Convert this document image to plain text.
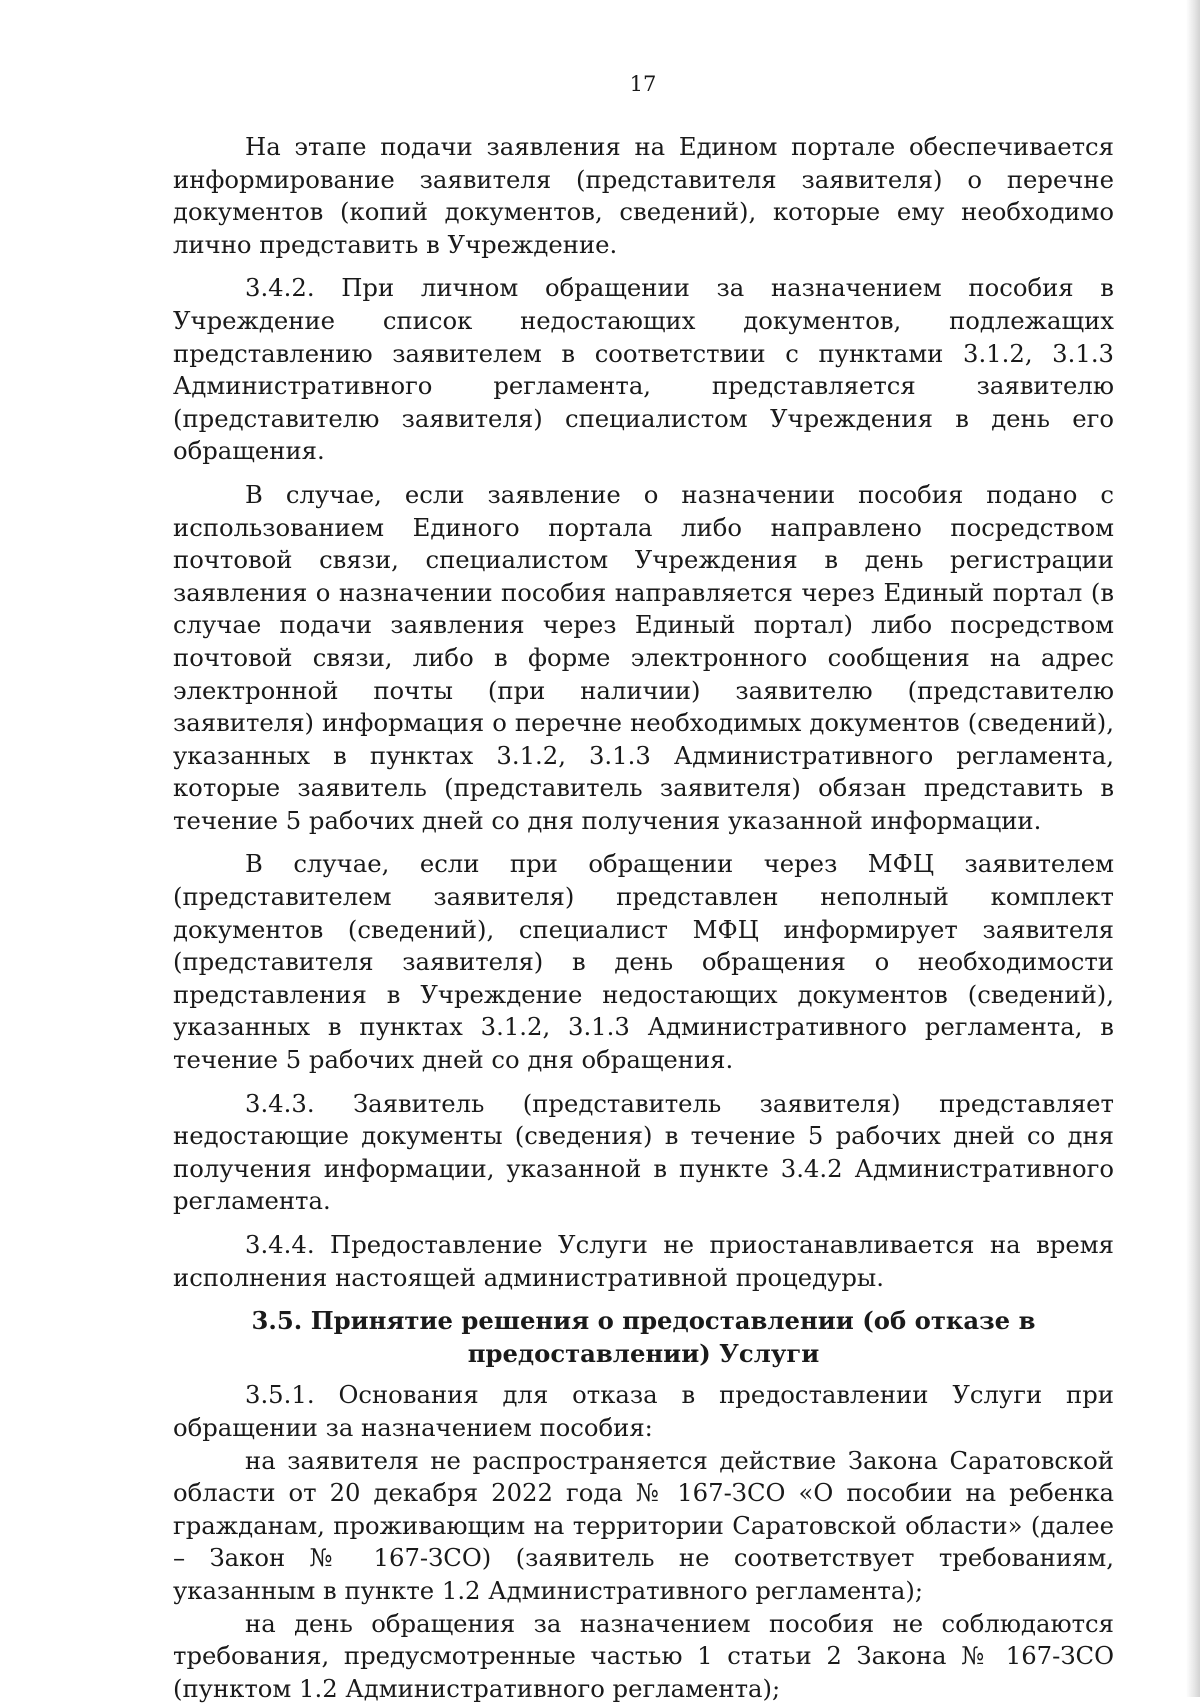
17

На этапе подачи заявления на Едином портале обеспечивается информирование заявителя (представителя заявителя) о перечне документов (копий документов, сведений), которые ему необходимо лично представить в Учреждение.

3.4.2. При личном обращении за назначением пособия в Учреждение список недостающих документов, подлежащих представлению заявителем в соответствии с пунктами 3.1.2, 3.1.3 Административного регламента, представляется заявителю (представителю заявителя) специалистом Учреждения в день его обращения.

В случае, если заявление о назначении пособия подано с использованием Единого портала либо направлено посредством почтовой связи, специалистом Учреждения в день регистрации заявления о назначении пособия направляется через Единый портал (в случае подачи заявления через Единый портал) либо посредством почтовой связи, либо в форме электронного сообщения на адрес электронной почты (при наличии) заявителю (представителю заявителя) информация о перечне необходимых документов (сведений), указанных в пунктах 3.1.2, 3.1.3 Административного регламента, которые заявитель (представитель заявителя) обязан представить в течение 5 рабочих дней со дня получения указанной информации.

В случае, если при обращении через МФЦ заявителем (представителем заявителя) представлен неполный комплект документов (сведений), специалист МФЦ информирует заявителя (представителя заявителя) в день обращения о необходимости представления в Учреждение недостающих документов (сведений), указанных в пунктах 3.1.2, 3.1.3 Административного регламента, в течение 5 рабочих дней со дня обращения.

3.4.3. Заявитель (представитель заявителя) представляет недостающие документы (сведения) в течение 5 рабочих дней со дня получения информации, указанной в пункте 3.4.2 Административного регламента.

3.4.4. Предоставление Услуги не приостанавливается на время исполнения настоящей административной процедуры.

3.5. Принятие решения о предоставлении (об отказе в предоставлении) Услуги

3.5.1. Основания для отказа в предоставлении Услуги при обращении за назначением пособия:

на заявителя не распространяется действие Закона Саратовской области от 20 декабря 2022 года № 167-ЗСО «О пособии на ребенка гражданам, проживающим на территории Саратовской области» (далее – Закон № 167-ЗСО) (заявитель не соответствует требованиям, указанным в пункте 1.2 Административного регламента);

на день обращения за назначением пособия не соблюдаются требования, предусмотренные частью 1 статьи 2 Закона № 167-ЗСО (пунктом 1.2 Административного регламента);
